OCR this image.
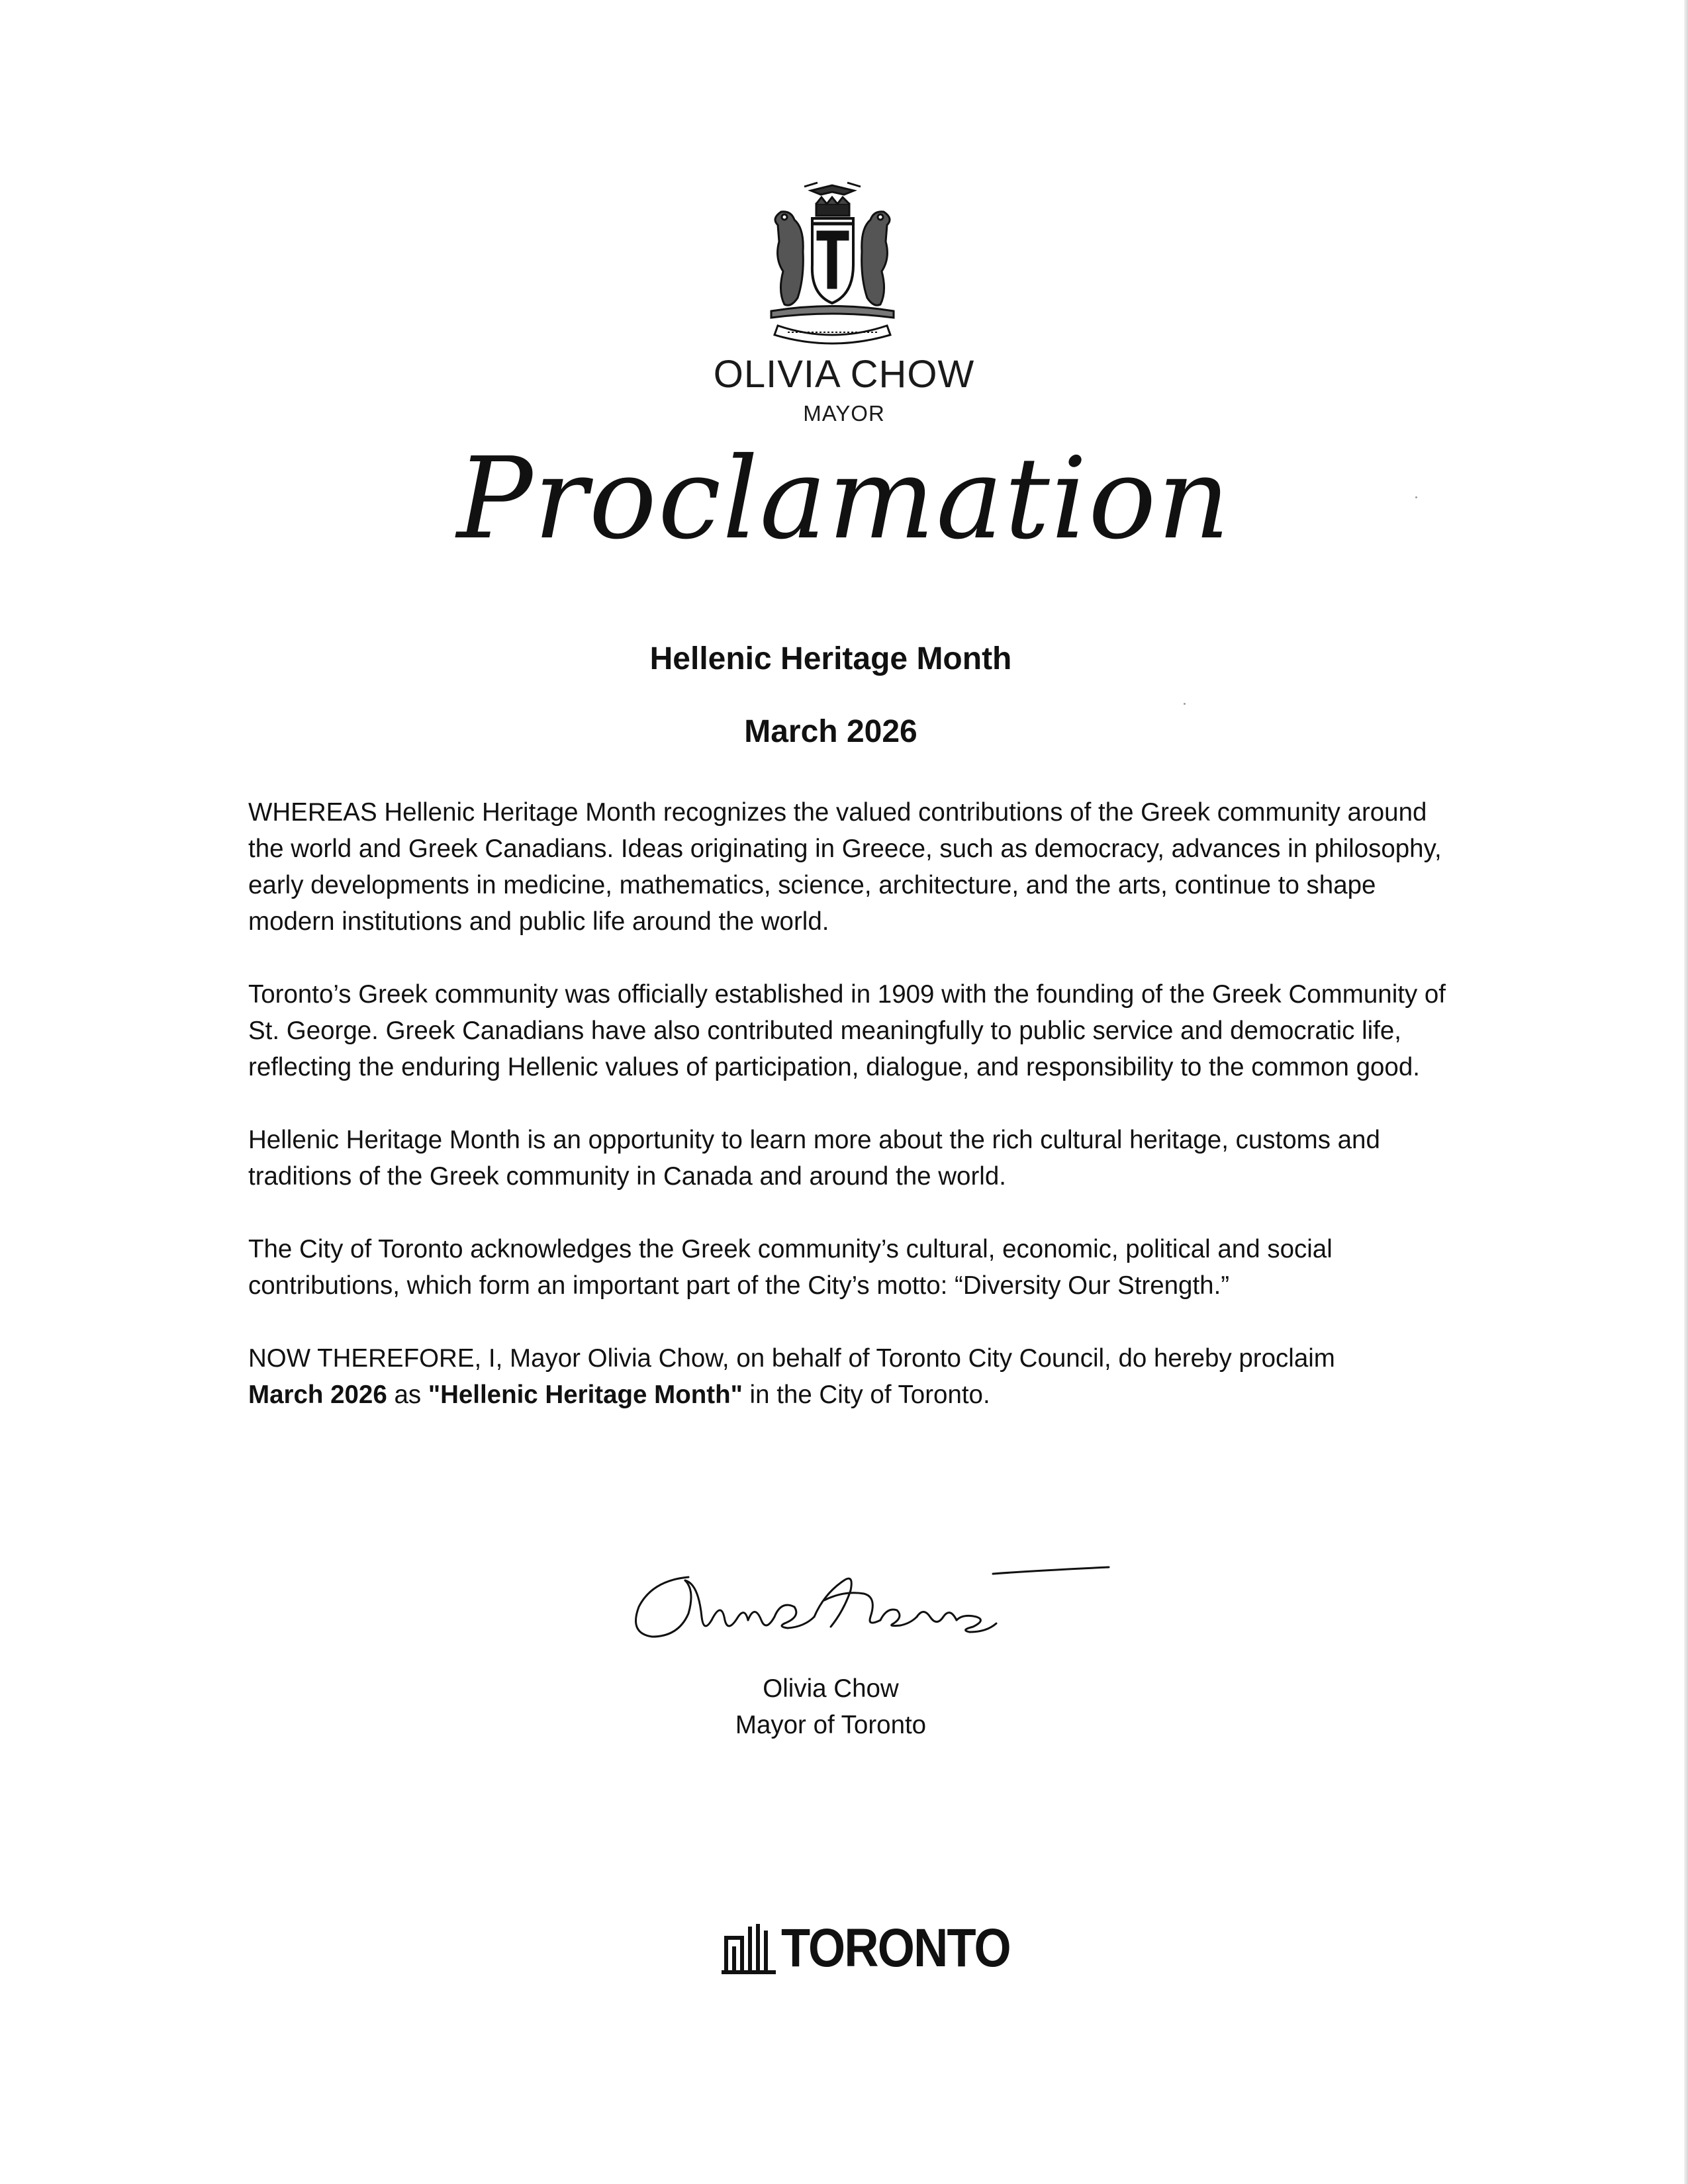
OLIVIA CHOW
MAYOR
Proclamation
Hellenic Heritage Month
March 2026

WHEREAS Hellenic Heritage Month recognizes the valued contributions of the Greek community around the world and Greek Canadians. Ideas originating in Greece, such as democracy, advances in philosophy, early developments in medicine, mathematics, science, architecture, and the arts, continue to shape modern institutions and public life around the world.

Toronto’s Greek community was officially established in 1909 with the founding of the Greek Community of St. George. Greek Canadians have also contributed meaningfully to public service and democratic life, reflecting the enduring Hellenic values of participation, dialogue, and responsibility to the common good.

Hellenic Heritage Month is an opportunity to learn more about the rich cultural heritage, customs and traditions of the Greek community in Canada and around the world.

The City of Toronto acknowledges the Greek community’s cultural, economic, political and social contributions, which form an important part of the City’s motto: “Diversity Our Strength.”

NOW THEREFORE, I, Mayor Olivia Chow, on behalf of Toronto City Council, do hereby proclaim
March 2026 as "Hellenic Heritage Month" in the City of Toronto.

Olivia Chow
Mayor of Toronto
TORONTO
